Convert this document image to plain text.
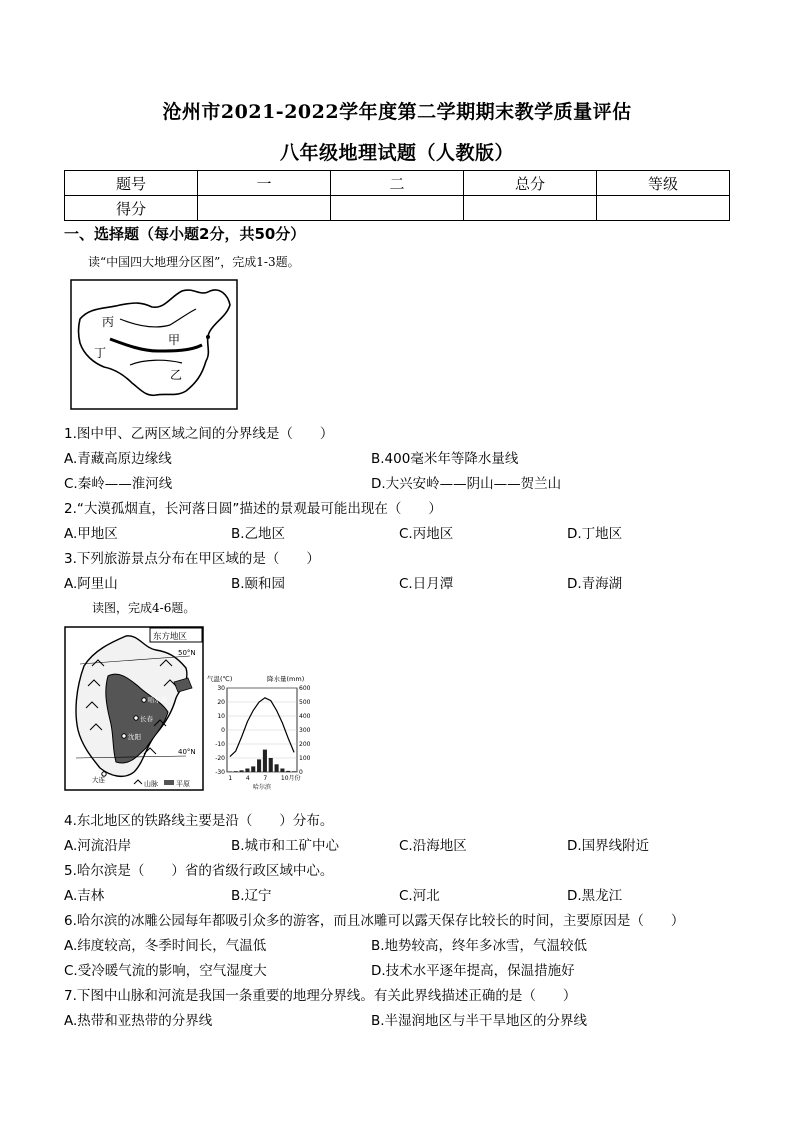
沧州市2021-2022学年度第二学期期末教学质量评估
八年级地理试题（人教版）
题号	一	二	总分	等级
得分				
一、选择题（每小题2分，共50分）
读“中国四大地理分区图”，完成1-3题。
丙
甲
丁
乙
1.图中甲、乙两区域之间的分界线是（　　）
A.青藏高原边缘线	B.400毫米年等降水量线
C.秦岭——淮河线	D.大兴安岭——阴山——贺兰山
2.“大漠孤烟直，长河落日圆”描述的景观最可能出现在（　　）
A.甲地区	B.乙地区	C.丙地区	D.丁地区
3.下列旅游景点分布在甲区域的是（　　）
A.阿里山	B.颐和园	C.日月潭	D.青海湖
读图，完成4-6题。
东方地区
50°N
40°N
哈尔滨
长春
沈阳
大连	山脉	平原
气温(℃)	降水量(mm)
30
20
10
0
-10
-20
-30
600
500
400
300
200
100
0
1 4 7 10月份
哈尔滨
4.东北地区的铁路线主要是沿（　　）分布。
A.河流沿岸	B.城市和工矿中心	C.沿海地区	D.国界线附近
5.哈尔滨是（　　）省的省级行政区域中心。
A.吉林	B.辽宁	C.河北	D.黑龙江
6.哈尔滨的冰雕公园每年都吸引众多的游客，而且冰雕可以露天保存比较长的时间，主要原因是（　　）
A.纬度较高，冬季时间长，气温低	B.地势较高，终年多冰雪，气温较低
C.受冷暖气流的影响，空气湿度大	D.技术水平逐年提高，保温措施好
7.下图中山脉和河流是我国一条重要的地理分界线。有关此界线描述正确的是（　　）
A.热带和亚热带的分界线	B.半湿润地区与半干旱地区的分界线
